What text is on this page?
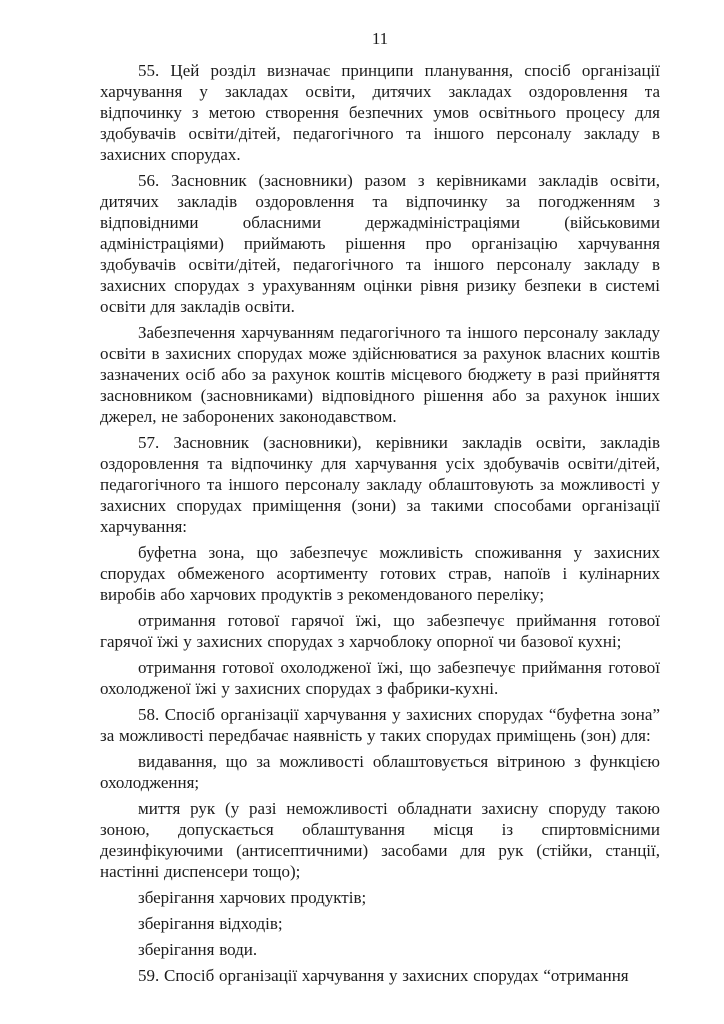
11

55. Цей розділ визначає принципи планування, спосіб організації харчування у закладах освіти, дитячих закладах оздоровлення та відпочинку з метою створення безпечних умов освітнього процесу для здобувачів освіти/дітей, педагогічного та іншого персоналу закладу в захисних спорудах.

56. Засновник (засновники) разом з керівниками закладів освіти, дитячих закладів оздоровлення та відпочинку за погодженням з відповідними обласними держадміністраціями (військовими адміністраціями) приймають рішення про організацію харчування здобувачів освіти/дітей, педагогічного та іншого персоналу закладу в захисних спорудах з урахуванням оцінки рівня ризику безпеки в системі освіти для закладів освіти.

Забезпечення харчуванням педагогічного та іншого персоналу закладу освіти в захисних спорудах може здійснюватися за рахунок власних коштів зазначених осіб або за рахунок коштів місцевого бюджету в разі прийняття засновником (засновниками) відповідного рішення або за рахунок інших джерел, не заборонених законодавством.

57. Засновник (засновники), керівники закладів освіти, закладів оздоровлення та відпочинку для харчування усіх здобувачів освіти/дітей, педагогічного та іншого персоналу закладу облаштовують за можливості у захисних спорудах приміщення (зони) за такими способами організації харчування:

буфетна зона, що забезпечує можливість споживання у захисних спорудах обмеженого асортименту готових страв, напоїв і кулінарних виробів або харчових продуктів з рекомендованого переліку;

отримання готової гарячої їжі, що забезпечує приймання готової гарячої їжі у захисних спорудах з харчоблоку опорної чи базової кухні;

отримання готової охолодженої їжі, що забезпечує приймання готової охолодженої їжі у захисних спорудах з фабрики-кухні.

58. Спосіб організації харчування у захисних спорудах “буфетна зона” за можливості передбачає наявність у таких спорудах приміщень (зон) для:

видавання, що за можливості облаштовується вітриною з функцією охолодження;

миття рук (у разі неможливості обладнати захисну споруду такою зоною, допускається облаштування місця із спиртовмісними дезинфікуючими (антисептичними) засобами для рук (стійки, станції, настінні диспенсери тощо);

зберігання харчових продуктів;

зберігання відходів;

зберігання води.

59. Спосіб організації харчування у захисних спорудах “отримання
